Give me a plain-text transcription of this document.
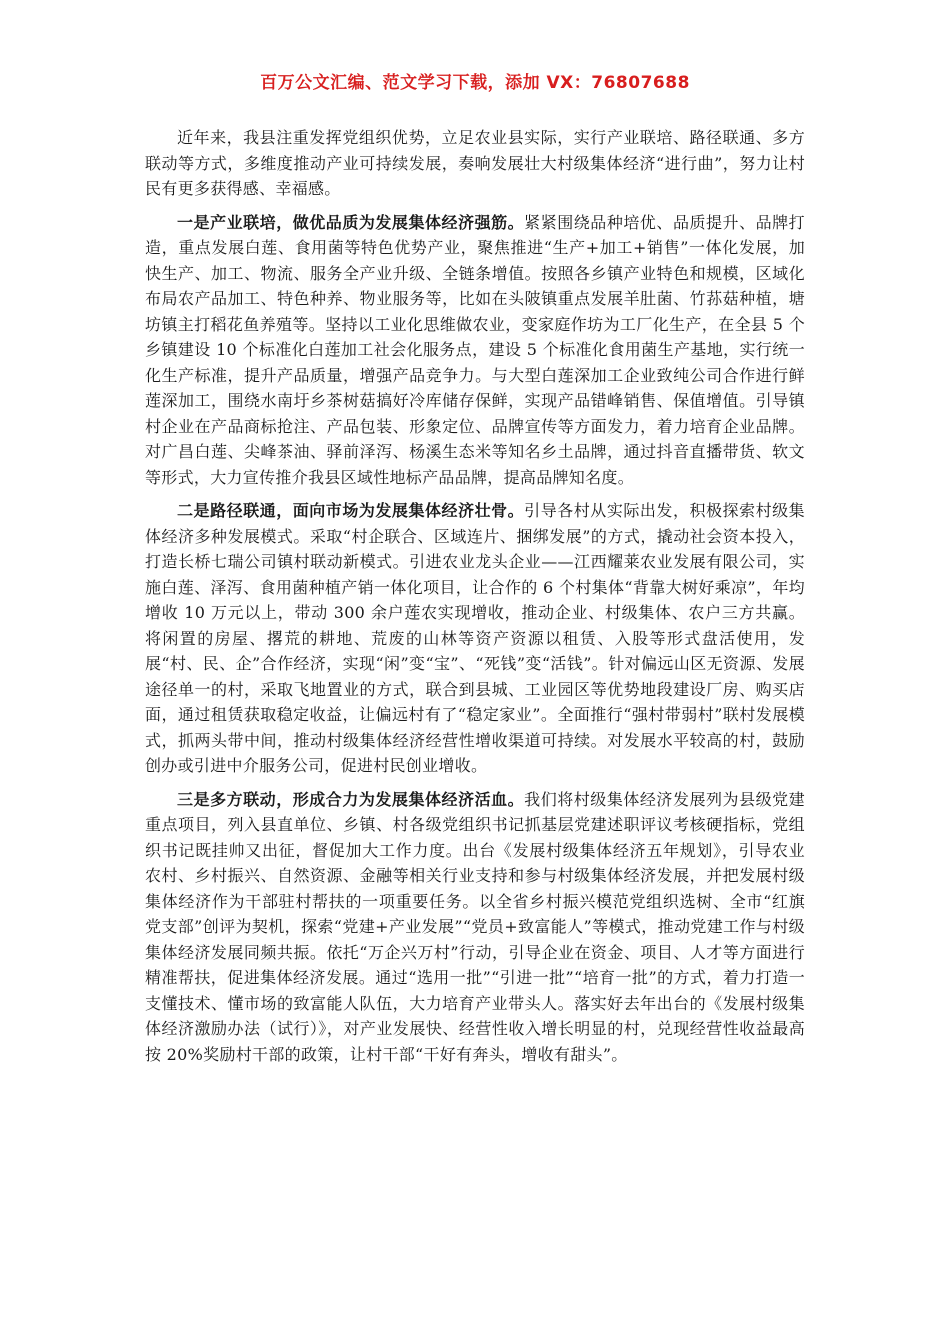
百万公文汇编、范文学习下载，添加 VX：76807688

近年来，我县注重发挥党组织优势，立足农业县实际，实行产业联培、路径联通、多方联动等方式，多维度推动产业可持续发展，奏响发展壮大村级集体经济“进行曲”，努力让村民有更多获得感、幸福感。

一是产业联培，做优品质为发展集体经济强筋。紧紧围绕品种培优、品质提升、品牌打造，重点发展白莲、食用菌等特色优势产业，聚焦推进“生产+加工+销售”一体化发展，加快生产、加工、物流、服务全产业升级、全链条增值。按照各乡镇产业特色和规模，区域化布局农产品加工、特色种养、物业服务等，比如在头陂镇重点发展羊肚菌、竹荪菇种植，塘坊镇主打稻花鱼养殖等。坚持以工业化思维做农业，变家庭作坊为工厂化生产，在全县 5 个乡镇建设 10 个标准化白莲加工社会化服务点，建设 5 个标准化食用菌生产基地，实行统一化生产标准，提升产品质量，增强产品竞争力。与大型白莲深加工企业致纯公司合作进行鲜莲深加工，围绕水南圩乡茶树菇搞好冷库储存保鲜，实现产品错峰销售、保值增值。引导镇村企业在产品商标抢注、产品包装、形象定位、品牌宣传等方面发力，着力培育企业品牌。对广昌白莲、尖峰茶油、驿前泽泻、杨溪生态米等知名乡土品牌，通过抖音直播带货、软文等形式，大力宣传推介我县区域性地标产品品牌，提高品牌知名度。

二是路径联通，面向市场为发展集体经济壮骨。引导各村从实际出发，积极探索村级集体经济多种发展模式。采取“村企联合、区域连片、捆绑发展”的方式，撬动社会资本投入，打造长桥七瑞公司镇村联动新模式。引进农业龙头企业——江西耀莱农业发展有限公司，实施白莲、泽泻、食用菌种植产销一体化项目，让合作的 6 个村集体“背靠大树好乘凉”，年均增收 10 万元以上，带动 300 余户莲农实现增收，推动企业、村级集体、农户三方共赢。将闲置的房屋、撂荒的耕地、荒废的山林等资产资源以租赁、入股等形式盘活使用，发展“村、民、企”合作经济，实现“闲”变“宝”、“死钱”变“活钱”。针对偏远山区无资源、发展途径单一的村，采取飞地置业的方式，联合到县城、工业园区等优势地段建设厂房、购买店面，通过租赁获取稳定收益，让偏远村有了“稳定家业”。全面推行“强村带弱村”联村发展模式，抓两头带中间，推动村级集体经济经营性增收渠道可持续。对发展水平较高的村，鼓励创办或引进中介服务公司，促进村民创业增收。

三是多方联动，形成合力为发展集体经济活血。我们将村级集体经济发展列为县级党建重点项目，列入县直单位、乡镇、村各级党组织书记抓基层党建述职评议考核硬指标，党组织书记既挂帅又出征，督促加大工作力度。出台《发展村级集体经济五年规划》，引导农业农村、乡村振兴、自然资源、金融等相关行业支持和参与村级集体经济发展，并把发展村级集体经济作为干部驻村帮扶的一项重要任务。以全省乡村振兴模范党组织选树、全市“红旗党支部”创评为契机，探索“党建+产业发展”“党员+致富能人”等模式，推动党建工作与村级集体经济发展同频共振。依托“万企兴万村”行动，引导企业在资金、项目、人才等方面进行精准帮扶，促进集体经济发展。通过“选用一批”“引进一批”“培育一批”的方式，着力打造一支懂技术、懂市场的致富能人队伍，大力培育产业带头人。落实好去年出台的《发展村级集体经济激励办法（试行）》，对产业发展快、经营性收入增长明显的村，兑现经营性收益最高按 20%奖励村干部的政策，让村干部“干好有奔头，增收有甜头”。
